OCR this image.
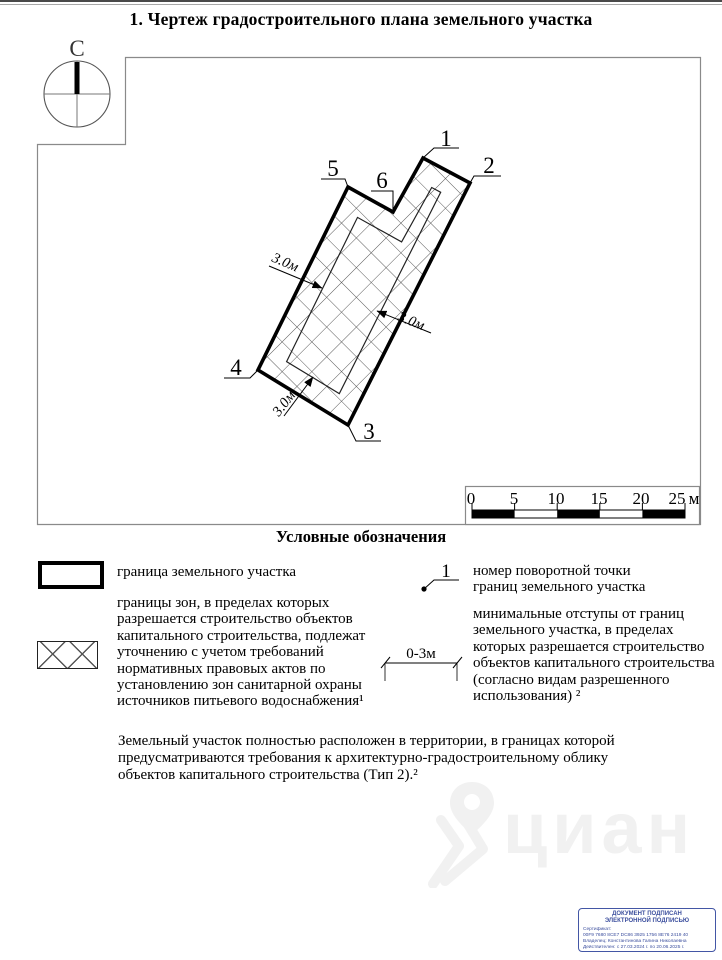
1. Чертеж градостроительного плана земельного участка
С
1
2
3
4
5 6
3.0м
3.0м
3.0м
0 5 10 15 20 25 м
Условные обозначения
граница земельного участка
границы зон, в пределах которых
разрешается строительство объектов
капитального строительства, подлежат
уточнению с учетом требований
нормативных правовых актов по
установлению зон санитарной охраны
источников питьевого водоснабжения¹
1 номер поворотной точки
границ земельного участка
0-3м
минимальные отступы от границ
земельного участка, в пределах
которых разрешается строительство
объектов капитального строительства
(согласно видам разрешенного
использования) ²
Земельный участок полностью расположен в территории, в границах которой
предусматриваются требования к архитектурно-градостроительному облику
объектов капитального строительства (Тип 2).²
циан
ДОКУМЕНТ ПОДПИСАН
ЭЛЕКТРОННОЙ ПОДПИСЬЮ
Сертификат:
00F9 7680 8CE7 DC86 3925 1756 8E76 2419 40
Владелец: Константинова Галина Николаевна
Действителен: с 27.03.2024 г. по 20.06.2025 г.
